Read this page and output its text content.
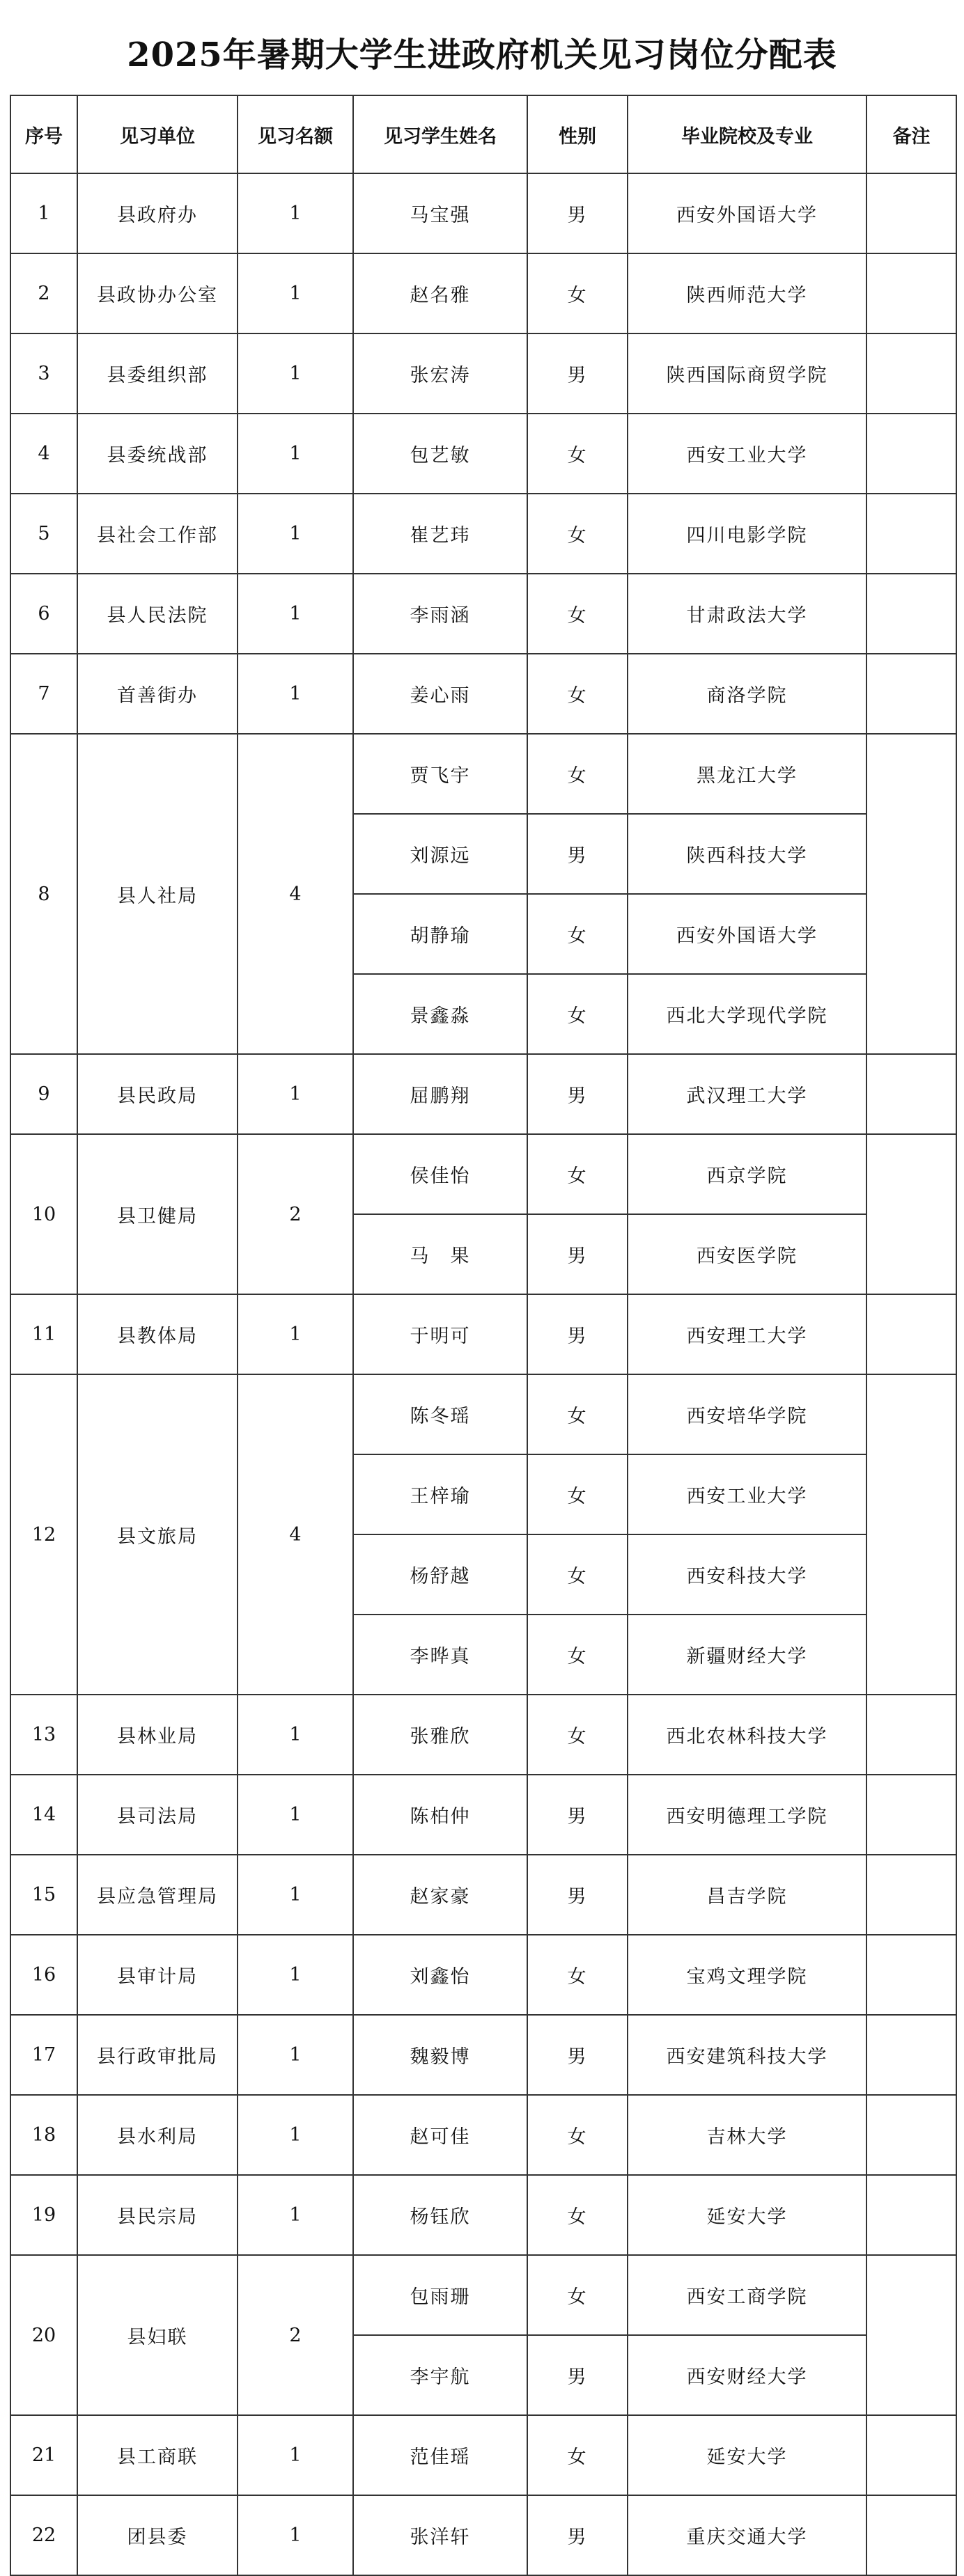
2025年暑期大学生进政府机关见习岗位分配表
序号	见习单位	见习名额	见习学生姓名	性别	毕业院校及专业	备注
1	县政府办	1	马宝强	男	西安外国语大学	
2	县政协办公室	1	赵名雅	女	陕西师范大学	
3	县委组织部	1	张宏涛	男	陕西国际商贸学院	
4	县委统战部	1	包艺敏	女	西安工业大学	
5	县社会工作部	1	崔艺玮	女	四川电影学院	
6	县人民法院	1	李雨涵	女	甘肃政法大学	
7	首善街办	1	姜心雨	女	商洛学院	
8	县人社局	4	贾飞宇	女	黑龙江大学	
			刘源远	男	陕西科技大学	
			胡静瑜	女	西安外国语大学	
			景鑫淼	女	西北大学现代学院	
9	县民政局	1	屈鹏翔	男	武汉理工大学	
10	县卫健局	2	侯佳怡	女	西京学院	
			马　果	男	西安医学院	
11	县教体局	1	于明可	男	西安理工大学	
12	县文旅局	4	陈冬瑶	女	西安培华学院	
			王梓瑜	女	西安工业大学	
			杨舒越	女	西安科技大学	
			李晔真	女	新疆财经大学	
13	县林业局	1	张雅欣	女	西北农林科技大学	
14	县司法局	1	陈柏仲	男	西安明德理工学院	
15	县应急管理局	1	赵家豪	男	昌吉学院	
16	县审计局	1	刘鑫怡	女	宝鸡文理学院	
17	县行政审批局	1	魏毅博	男	西安建筑科技大学	
18	县水利局	1	赵可佳	女	吉林大学	
19	县民宗局	1	杨钰欣	女	延安大学	
20	县妇联	2	包雨珊	女	西安工商学院	
			李宇航	男	西安财经大学	
21	县工商联	1	范佳瑶	女	延安大学	
22	团县委	1	张洋轩	男	重庆交通大学	
